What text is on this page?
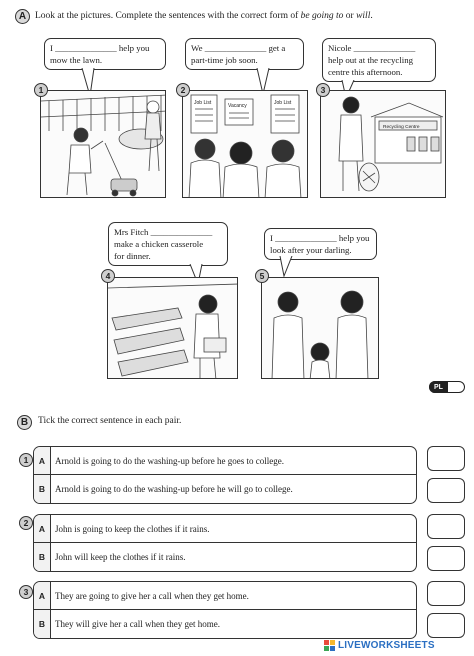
A Look at the pictures. Complete the sentences with the correct form of be going to or will.
I ______________ help you
mow the lawn.
1
We ______________ get a
part-time job soon.
2
Job List	Vacancy	Job List
Nicole ______________
help out at the recycling
centre this afternoon.
3
Recycling Centre
Mrs Fitch ______________
make a chicken casserole
for dinner.
4
I ______________ help you
look after your darling.
5
PL
B	Tick the correct sentence in each pair.
1	A	Arnold is going to do the washing-up before he goes to college.
B	Arnold is going to do the washing-up before he will go to college.
2
A	John is going to keep the clothes if it rains.
B	John will keep the clothes if it rains.
3	A	They are going to give her a call when they get home.
B	They will give her a call when they get home.
LIVEWORKSHEETS
